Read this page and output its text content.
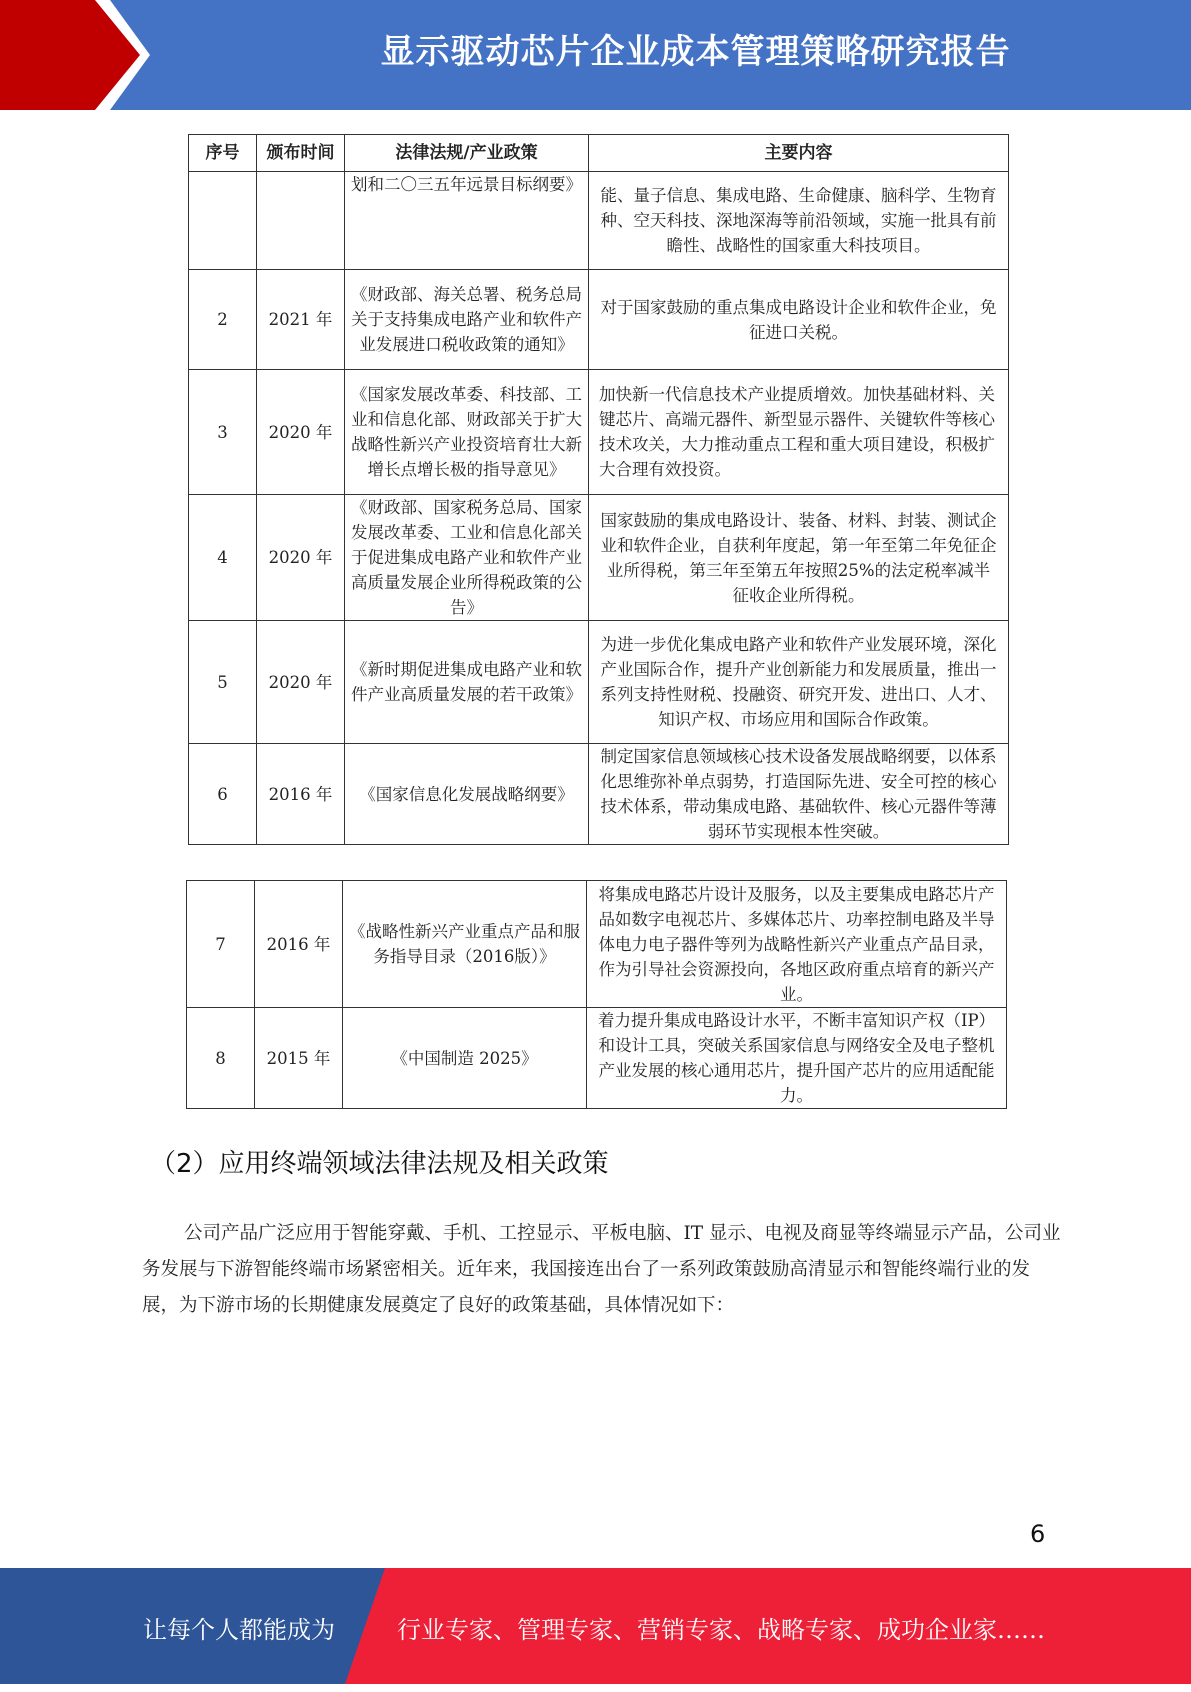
显示驱动芯片企业成本管理策略研究报告
序号	颁布时间	法律法规/产业政策	主要内容
		划和二〇三五年远景目标纲要》	能、量子信息、集成电路、生命健康、脑科学、生物育种、空天科技、深地深海等前沿领域，实施一批具有前瞻性、战略性的国家重大科技项目。
2	2021 年	《财政部、海关总署、税务总局关于支持集成电路产业和软件产业发展进口税收政策的通知》	对于国家鼓励的重点集成电路设计企业和软件企业，免征进口关税。
3	2020 年	《国家发展改革委、科技部、工业和信息化部、财政部关于扩大战略性新兴产业投资培育壮大新增长点增长极的指导意见》	加快新一代信息技术产业提质增效。加快基础材料、关键芯片、高端元器件、新型显示器件、关键软件等核心技术攻关，大力推动重点工程和重大项目建设，积极扩大合理有效投资。
4	2020 年	《财政部、国家税务总局、国家发展改革委、工业和信息化部关于促进集成电路产业和软件产业高质量发展企业所得税政策的公告》	国家鼓励的集成电路设计、装备、材料、封装、测试企业和软件企业，自获利年度起，第一年至第二年免征企业所得税，第三年至第五年按照25%的法定税率减半征收企业所得税。
5	2020 年	《新时期促进集成电路产业和软件产业高质量发展的若干政策》	为进一步优化集成电路产业和软件产业发展环境，深化产业国际合作，提升产业创新能力和发展质量，推出一系列支持性财税、投融资、研究开发、进出口、人才、知识产权、市场应用和国际合作政策。
6	2016 年	《国家信息化发展战略纲要》	制定国家信息领域核心技术设备发展战略纲要，以体系化思维弥补单点弱势，打造国际先进、安全可控的核心技术体系，带动集成电路、基础软件、核心元器件等薄弱环节实现根本性突破。
7	2016 年	《战略性新兴产业重点产品和服务指导目录（2016版）》	将集成电路芯片设计及服务，以及主要集成电路芯片产品如数字电视芯片、多媒体芯片、功率控制电路及半导体电力电子器件等列为战略性新兴产业重点产品目录，作为引导社会资源投向，各地区政府重点培育的新兴产业。
8	2015 年	《中国制造 2025》	着力提升集成电路设计水平，不断丰富知识产权（IP）和设计工具，突破关系国家信息与网络安全及电子整机产业发展的核心通用芯片，提升国产芯片的应用适配能力。
（2）应用终端领域法律法规及相关政策

公司产品广泛应用于智能穿戴、手机、工控显示、平板电脑、IT 显示、电视及商显等终端显示产品，公司业务发展与下游智能终端市场紧密相关。近年来，我国接连出台了一系列政策鼓励高清显示和智能终端行业的发展，为下游市场的长期健康发展奠定了良好的政策基础，具体情况如下：

6
让每个人都能成为	行业专家、管理专家、营销专家、战略专家、成功企业家……
